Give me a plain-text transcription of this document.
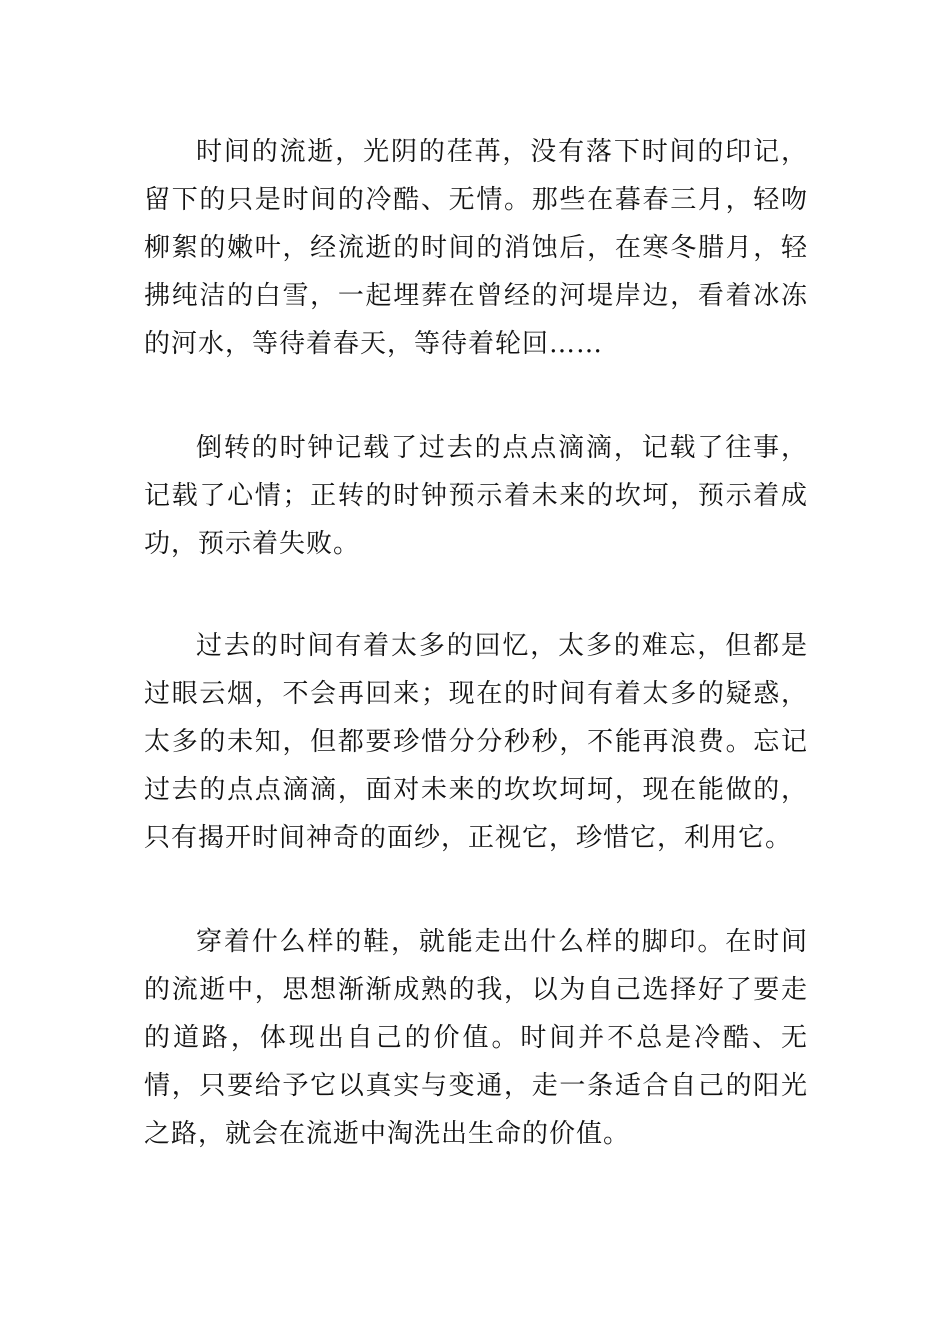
时间的流逝，光阴的荏苒，没有落下时间的印记，留下的只是时间的冷酷、无情。那些在暮春三月，轻吻柳絮的嫩叶，经流逝的时间的消蚀后，在寒冬腊月，轻拂纯洁的白雪，一起埋葬在曾经的河堤岸边，看着冰冻的河水，等待着春天，等待着轮回……

倒转的时钟记载了过去的点点滴滴，记载了往事，记载了心情；正转的时钟预示着未来的坎坷，预示着成功，预示着失败。

过去的时间有着太多的回忆，太多的难忘，但都是过眼云烟，不会再回来；现在的时间有着太多的疑惑，太多的未知，但都要珍惜分分秒秒，不能再浪费。忘记过去的点点滴滴，面对未来的坎坎坷坷，现在能做的，只有揭开时间神奇的面纱，正视它，珍惜它，利用它。

穿着什么样的鞋，就能走出什么样的脚印。在时间的流逝中，思想渐渐成熟的我，以为自己选择好了要走的道路，体现出自己的价值。时间并不总是冷酷、无情，只要给予它以真实与变通，走一条适合自己的阳光之路，就会在流逝中淘洗出生命的价值。
